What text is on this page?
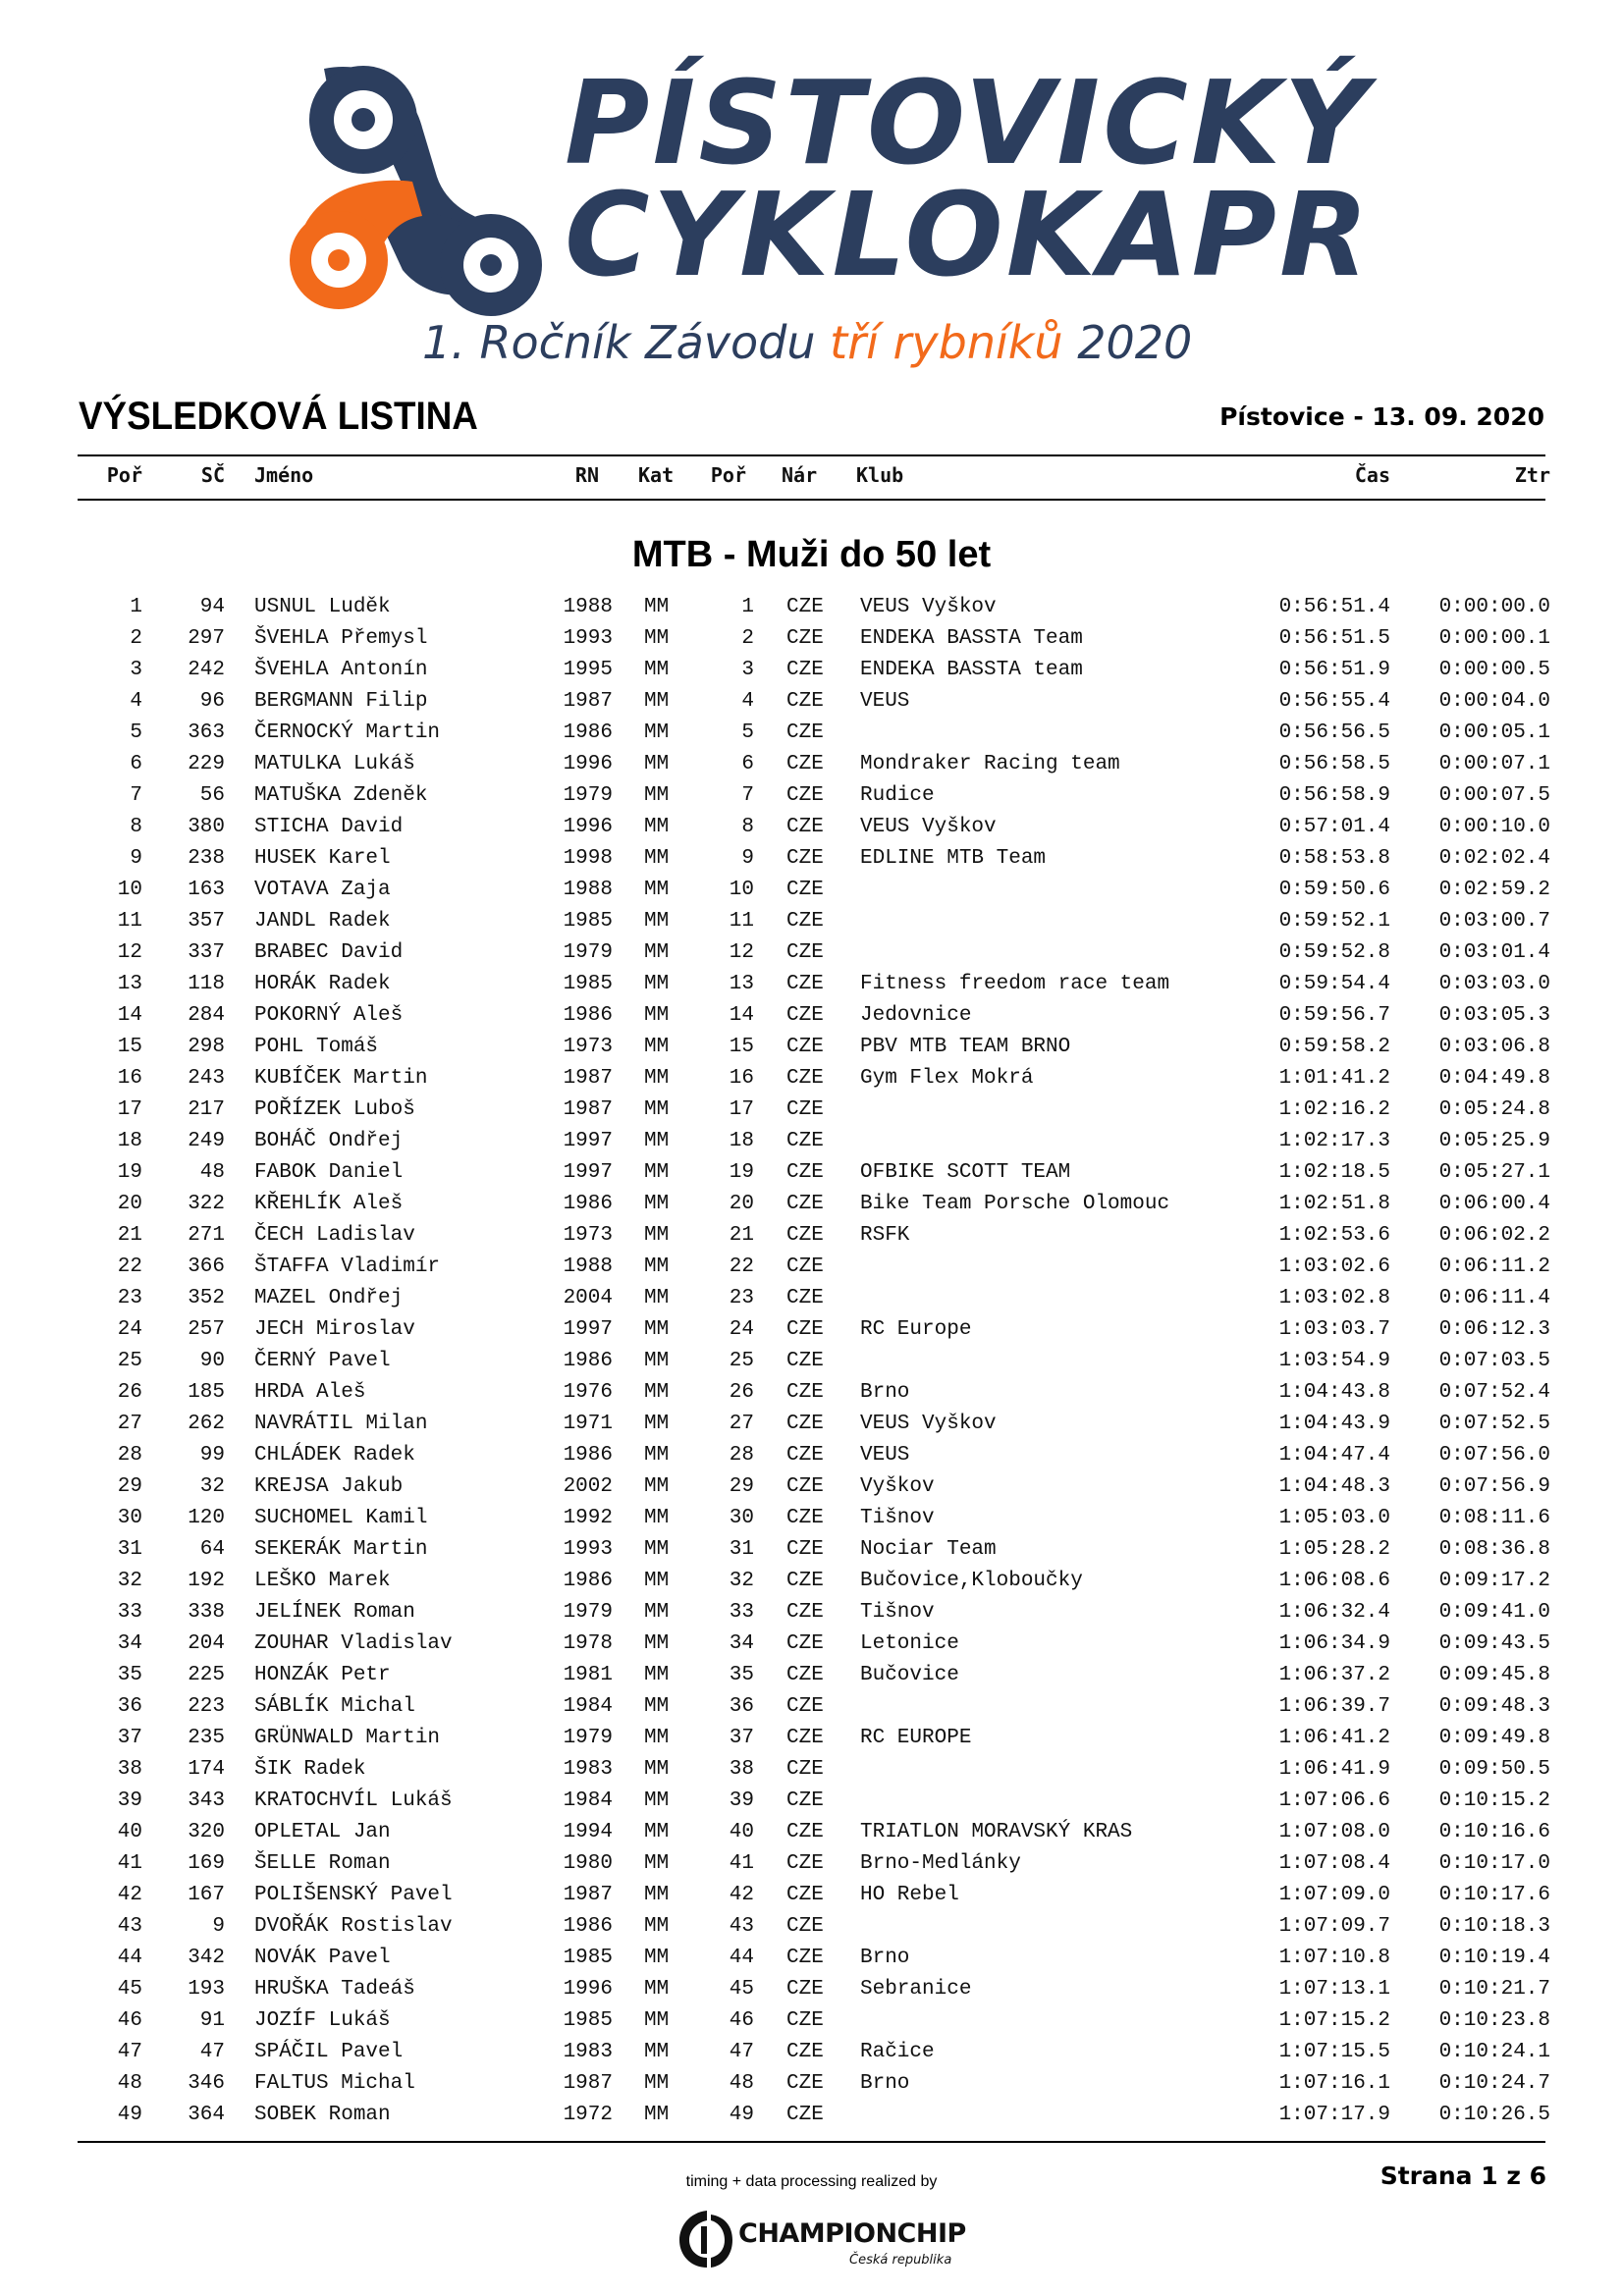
PÍSTOVICKÝ
CYKLOKAPR
1. Ročník Závodu tří rybníků 2020
VÝSLEDKOVÁ LISTINA	Pístovice - 13. 09. 2020
Poř	SČ Jméno	RN Kat Poř Nár Klub	Čas	Ztr
MTB - Muži do 50 let
1	94 USNUL Luděk	1988 MM	1 CZE VEUS Vyškov	0:56:51.4 0:00:00.0
2 297 ŠVEHLA Přemysl	1993 MM	2 CZE ENDEKA BASSTA Team	0:56:51.5 0:00:00.1
3 242 ŠVEHLA Antonín	1995 MM	3 CZE ENDEKA BASSTA team	0:56:51.9 0:00:00.5
4	96 BERGMANN Filip	1987 MM	4 CZE VEUS	0:56:55.4 0:00:04.0
5 363 ČERNOCKÝ Martin	1986 MM	5 CZE	0:56:56.5 0:00:05.1
6 229 MATULKA Lukáš	1996 MM	6 CZE Mondraker Racing team	0:56:58.5 0:00:07.1
7	56 MATUŠKA Zdeněk	1979 MM	7 CZE Rudice	0:56:58.9 0:00:07.5
8 380 STICHA David	1996 MM	8 CZE VEUS Vyškov	0:57:01.4 0:00:10.0
9 238 HUSEK Karel	1998 MM	9 CZE EDLINE MTB Team	0:58:53.8 0:02:02.4
10 163 VOTAVA Zaja	1988 MM	10 CZE	0:59:50.6 0:02:59.2
11 357 JANDL Radek	1985 MM	11 CZE	0:59:52.1 0:03:00.7
12 337 BRABEC David	1979 MM	12 CZE	0:59:52.8 0:03:01.4
13 118 HORÁK Radek	1985 MM	13 CZE Fitness freedom race team	0:59:54.4 0:03:03.0
14 284 POKORNÝ Aleš	1986 MM	14 CZE Jedovnice	0:59:56.7 0:03:05.3
15 298 POHL Tomáš	1973 MM	15 CZE PBV MTB TEAM BRNO	0:59:58.2 0:03:06.8
16 243 KUBÍČEK Martin	1987 MM	16 CZE Gym Flex Mokrá	1:01:41.2 0:04:49.8
17 217 POŘÍZEK Luboš	1987 MM	17 CZE	1:02:16.2 0:05:24.8
18 249 BOHÁČ Ondřej	1997 MM	18 CZE	1:02:17.3 0:05:25.9
19	48 FABOK Daniel	1997 MM	19 CZE OFBIKE SCOTT TEAM	1:02:18.5 0:05:27.1
20 322 KŘEHLÍK Aleš	1986 MM	20 CZE Bike Team Porsche Olomouc	1:02:51.8 0:06:00.4
21 271 ČECH Ladislav	1973 MM	21 CZE RSFK	1:02:53.6 0:06:02.2
22 366 ŠTAFFA Vladimír	1988 MM	22 CZE	1:03:02.6 0:06:11.2
23 352 MAZEL Ondřej	2004 MM	23 CZE	1:03:02.8 0:06:11.4
24 257 JECH Miroslav	1997 MM	24 CZE RC Europe	1:03:03.7 0:06:12.3
25	90 ČERNÝ Pavel	1986 MM	25 CZE	1:03:54.9 0:07:03.5
26 185 HRDA Aleš	1976 MM	26 CZE Brno	1:04:43.8 0:07:52.4
27 262 NAVRÁTIL Milan	1971 MM	27 CZE VEUS Vyškov	1:04:43.9 0:07:52.5
28	99 CHLÁDEK Radek	1986 MM	28 CZE VEUS	1:04:47.4 0:07:56.0
29	32 KREJSA Jakub	2002 MM	29 CZE Vyškov	1:04:48.3 0:07:56.9
30 120 SUCHOMEL Kamil	1992 MM	30 CZE Tišnov	1:05:03.0 0:08:11.6
31	64 SEKERÁK Martin	1993 MM	31 CZE Nociar Team	1:05:28.2 0:08:36.8
32 192 LEŠKO Marek	1986 MM	32 CZE Bučovice,Kloboučky	1:06:08.6 0:09:17.2
33 338 JELÍNEK Roman	1979 MM	33 CZE Tišnov	1:06:32.4 0:09:41.0
34 204 ZOUHAR Vladislav	1978 MM	34 CZE Letonice	1:06:34.9 0:09:43.5
35 225 HONZÁK Petr	1981 MM	35 CZE Bučovice	1:06:37.2 0:09:45.8
36 223 SÁBLÍK Michal	1984 MM	36 CZE	1:06:39.7 0:09:48.3
37 235 GRÜNWALD Martin	1979 MM	37 CZE RC EUROPE	1:06:41.2 0:09:49.8
38 174 ŠIK Radek	1983 MM	38 CZE	1:06:41.9 0:09:50.5
39 343 KRATOCHVÍL Lukáš	1984 MM	39 CZE	1:07:06.6 0:10:15.2
40 320 OPLETAL Jan	1994 MM	40 CZE TRIATLON MORAVSKÝ KRAS	1:07:08.0 0:10:16.6
41 169 ŠELLE Roman	1980 MM	41 CZE Brno-Medlánky	1:07:08.4 0:10:17.0
42 167 POLIŠENSKÝ Pavel	1987 MM	42 CZE HO Rebel	1:07:09.0 0:10:17.6
43	9 DVOŘÁK Rostislav	1986 MM	43 CZE	1:07:09.7 0:10:18.3
44 342 NOVÁK Pavel	1985 MM	44 CZE Brno	1:07:10.8 0:10:19.4
45 193 HRUŠKA Tadeáš	1996 MM	45 CZE Sebranice	1:07:13.1 0:10:21.7
46	91 JOZÍF Lukáš	1985 MM	46 CZE	1:07:15.2 0:10:23.8
47	47 SPÁČIL Pavel	1983 MM	47 CZE Račice	1:07:15.5 0:10:24.1
48 346 FALTUS Michal	1987 MM	48 CZE Brno	1:07:16.1 0:10:24.7
49 364 SOBEK Roman	1972 MM	49 CZE	1:07:17.9 0:10:26.5
timing + data processing realized by	Strana 1 z 6
CHAMPIONCHIP
Česká republika
